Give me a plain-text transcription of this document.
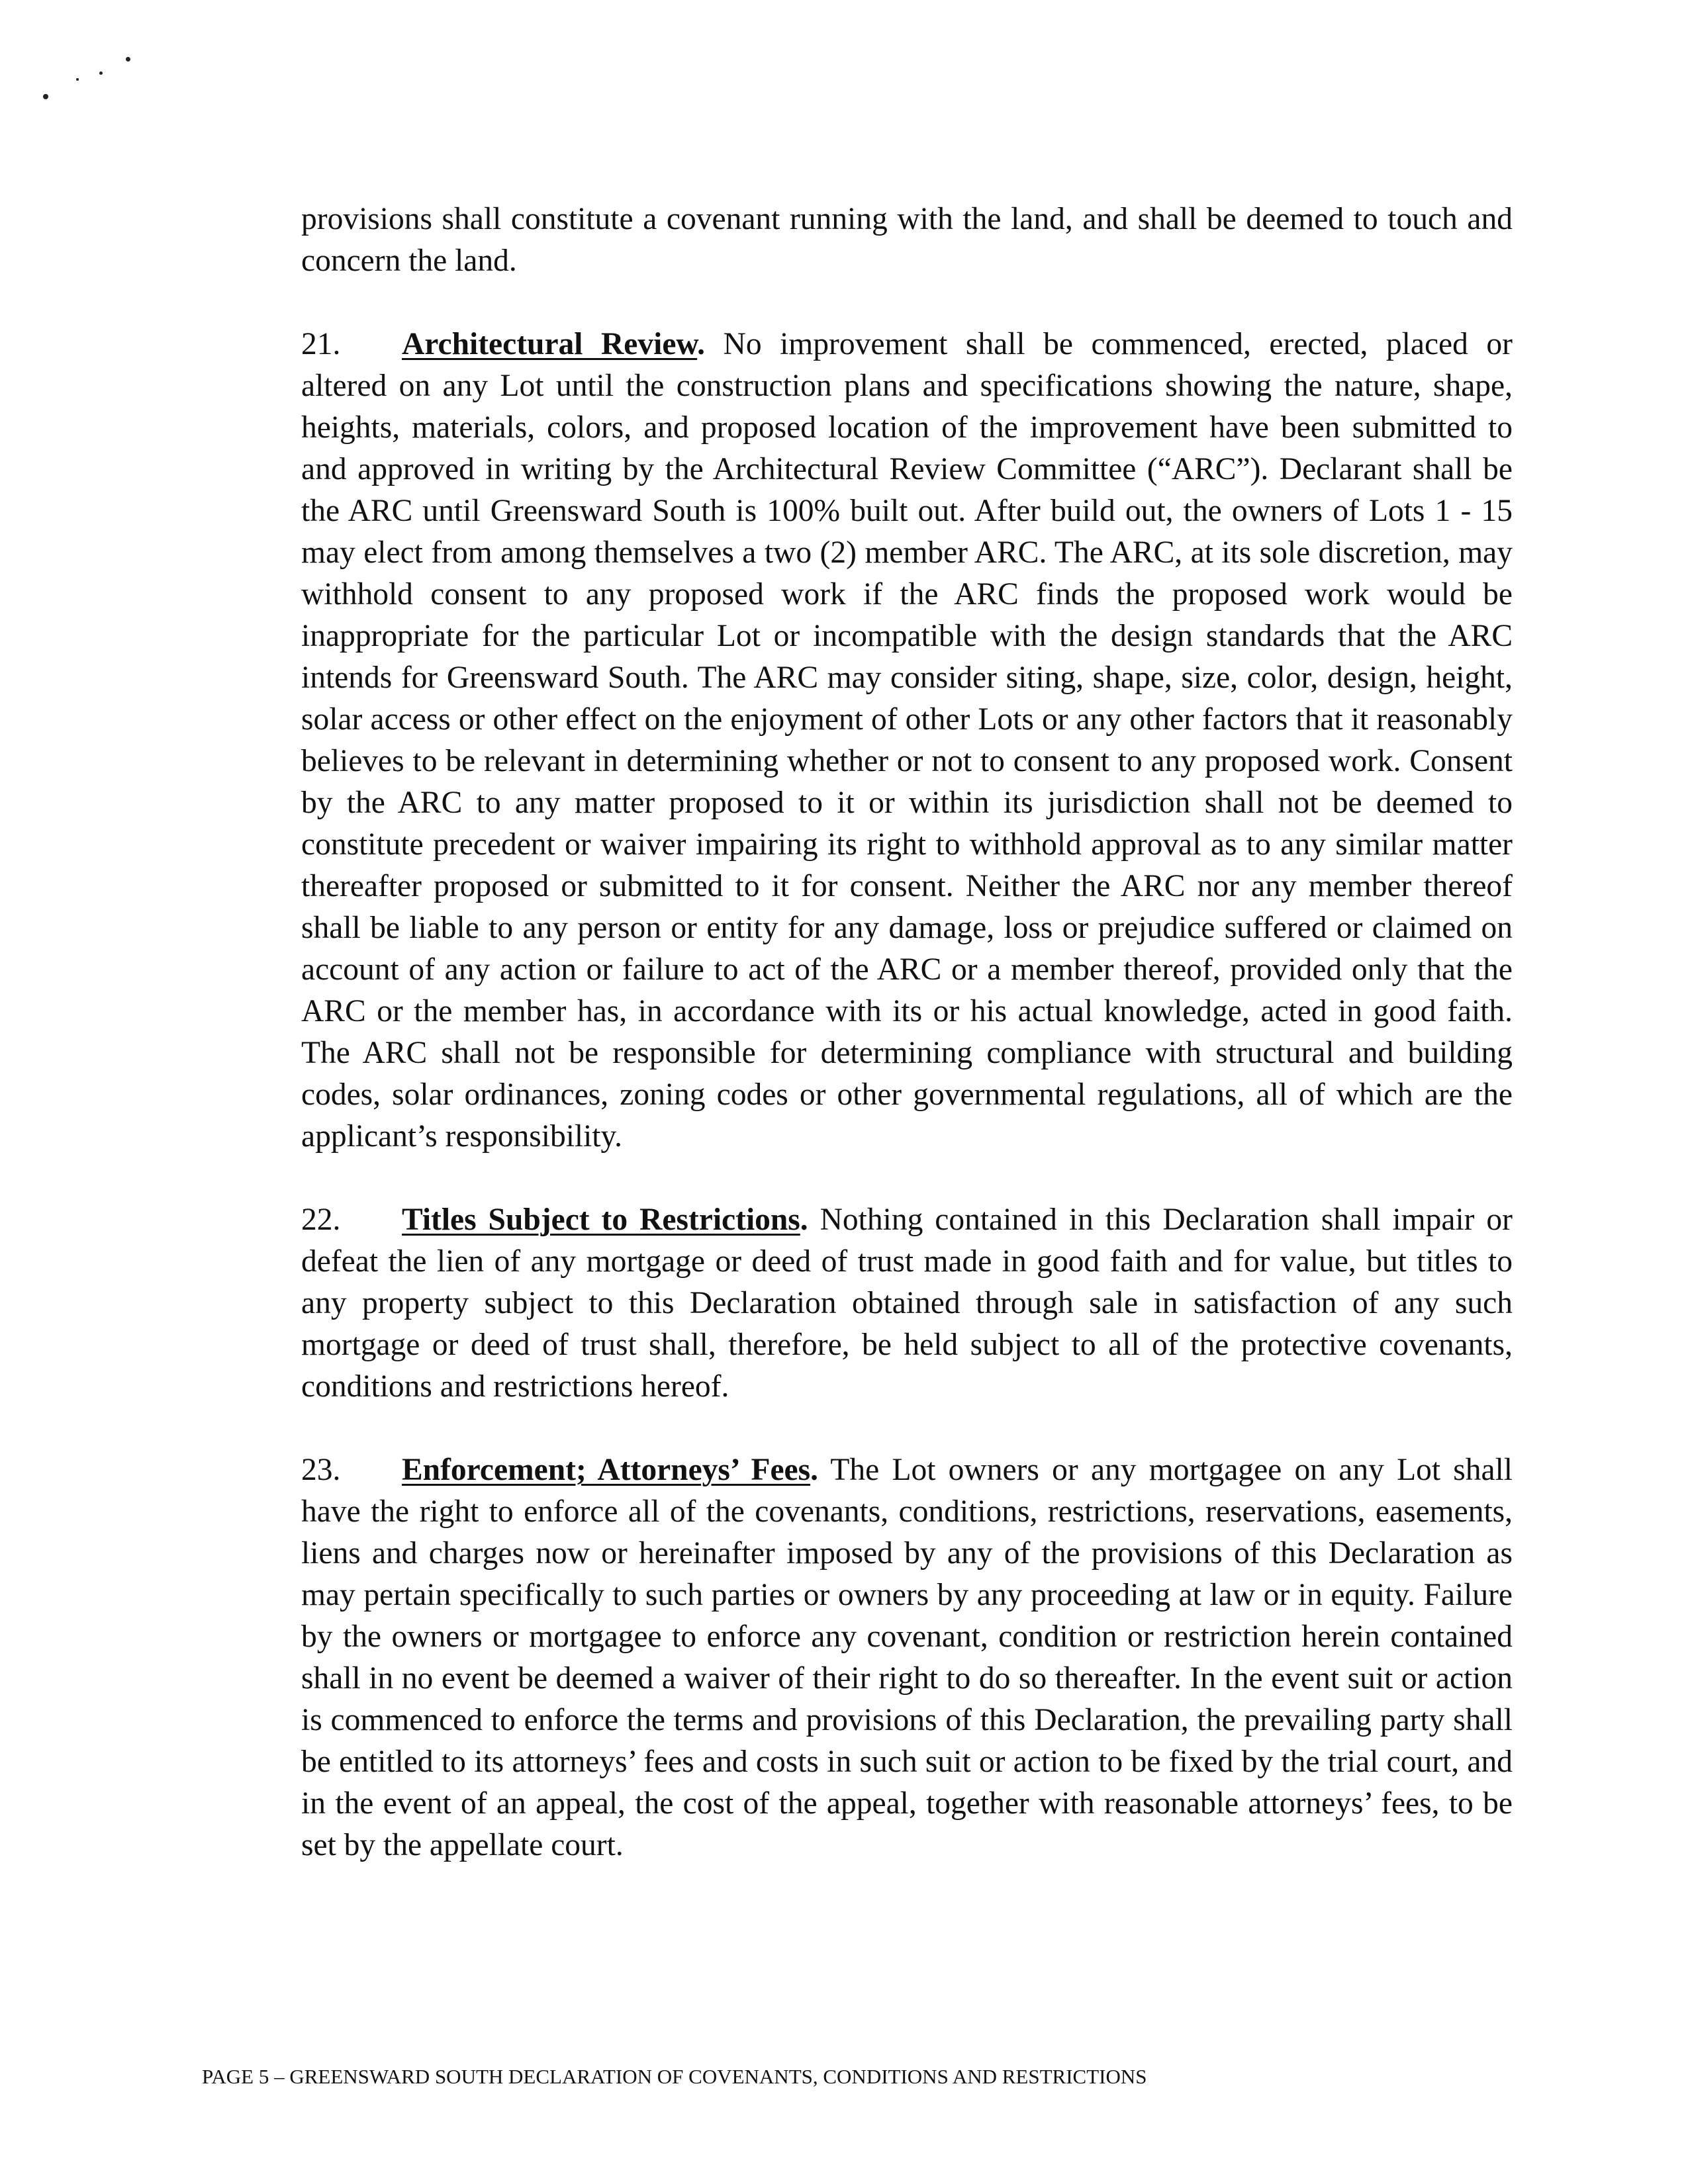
provisions shall constitute a covenant running with the land, and shall be deemed to touch and concern the land.

21. Architectural Review. No improvement shall be commenced, erected, placed or altered on any Lot until the construction plans and specifications showing the nature, shape, heights, materials, colors, and proposed location of the improvement have been submitted to and approved in writing by the Architectural Review Committee (“ARC”). Declarant shall be the ARC until Greensward South is 100% built out. After build out, the owners of Lots 1 - 15 may elect from among themselves a two (2) member ARC. The ARC, at its sole discretion, may withhold consent to any proposed work if the ARC finds the proposed work would be inappropriate for the particular Lot or incompatible with the design standards that the ARC intends for Greensward South. The ARC may consider siting, shape, size, color, design, height, solar access or other effect on the enjoyment of other Lots or any other factors that it reasonably believes to be relevant in determining whether or not to consent to any proposed work. Consent by the ARC to any matter proposed to it or within its jurisdiction shall not be deemed to constitute precedent or waiver impairing its right to withhold approval as to any similar matter thereafter proposed or submitted to it for consent. Neither the ARC nor any member thereof shall be liable to any person or entity for any damage, loss or prejudice suffered or claimed on account of any action or failure to act of the ARC or a member thereof, provided only that the ARC or the member has, in accordance with its or his actual knowledge, acted in good faith. The ARC shall not be responsible for determining compliance with structural and building codes, solar ordinances, zoning codes or other governmental regulations, all of which are the applicant’s responsibility.

22. Titles Subject to Restrictions. Nothing contained in this Declaration shall impair or defeat the lien of any mortgage or deed of trust made in good faith and for value, but titles to any property subject to this Declaration obtained through sale in satisfaction of any such mortgage or deed of trust shall, therefore, be held subject to all of the protective covenants, conditions and restrictions hereof.

23. Enforcement; Attorneys’ Fees. The Lot owners or any mortgagee on any Lot shall have the right to enforce all of the covenants, conditions, restrictions, reservations, easements, liens and charges now or hereinafter imposed by any of the provisions of this Declaration as may pertain specifically to such parties or owners by any proceeding at law or in equity. Failure by the owners or mortgagee to enforce any covenant, condition or restriction herein contained shall in no event be deemed a waiver of their right to do so thereafter. In the event suit or action is commenced to enforce the terms and provisions of this Declaration, the prevailing party shall be entitled to its attorneys’ fees and costs in such suit or action to be fixed by the trial court, and in the event of an appeal, the cost of the appeal, together with reasonable attorneys’ fees, to be set by the appellate court.

PAGE 5 – GREENSWARD SOUTH DECLARATION OF COVENANTS, CONDITIONS AND RESTRICTIONS
